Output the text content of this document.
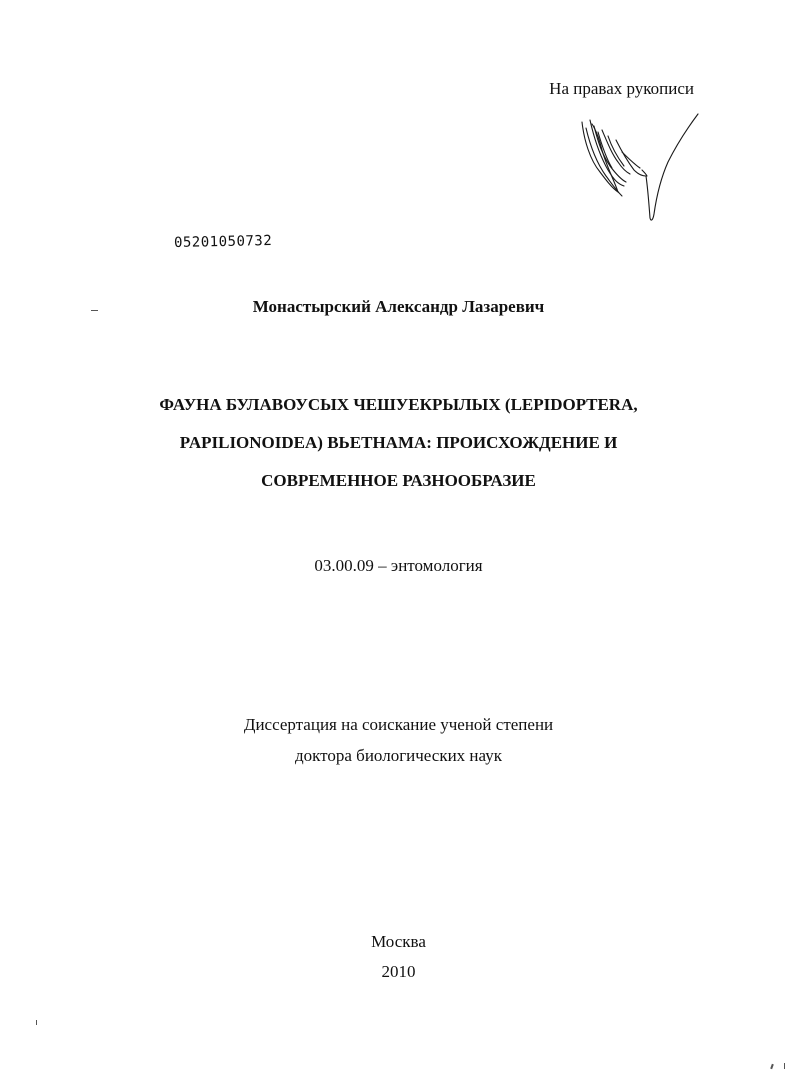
На правах рукописи
05201050732
Монастырский Александр Лазаревич
ФАУНА БУЛАВОУСЫХ ЧЕШУЕКРЫЛЫХ (LEPIDOPTERA,
PAPILIONOIDEA) ВЬЕТНАМА: ПРОИСХОЖДЕНИЕ И
СОВРЕМЕННОЕ РАЗНООБРАЗИЕ
03.00.09 – энтомология
Диссертация на соискание ученой степени
доктора биологических наук
Москва
2010
